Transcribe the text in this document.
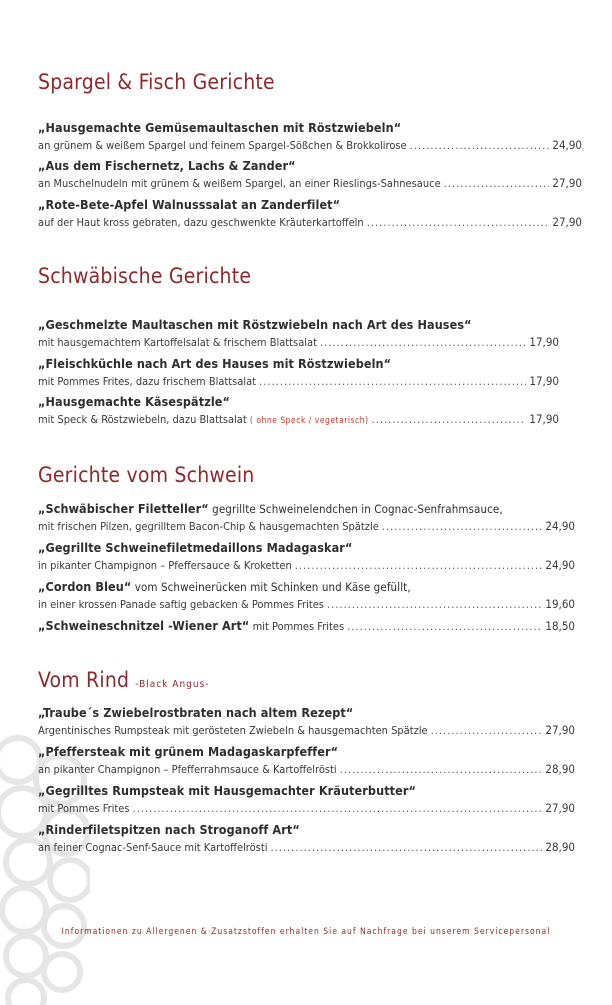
Spargel & Fisch Gerichte
„Hausgemachte Gemüsemaultaschen mit Röstzwiebeln“
an grünem & weißem Spargel und feinem Spargel-Sößchen & Brokkolirose .....	24,90
„Aus dem Fischernetz, Lachs & Zander“
an Muschelnudeln mit grünem & weißem Spargel, an einer Rieslings-Sahnesauce .....	27,90
„Rote-Bete-Apfel Walnusssalat an Zanderfilet“
auf der Haut kross gebraten, dazu geschwenkte Kräuterkartoffeln .....	27,90
Schwäbische Gerichte
„Geschmelzte Maultaschen mit Röstzwiebeln nach Art des Hauses“
mit hausgemachtem Kartoffelsalat & frischem Blattsalat .....	17,90
„Fleischküchle nach Art des Hauses mit Röstzwiebeln“
mit Pommes Frites, dazu frischem Blattsalat .....	17,90
„Hausgemachte Käsespätzle“
mit Speck & Röstzwiebeln, dazu Blattsalat ( ohne Speck / vegetarisch) .....	17,90
Gerichte vom Schwein
„Schwäbischer Filetteller“ gegrillte Schweinelendchen in Cognac-Senfrahmsauce,
mit frischen Pilzen, gegrilltem Bacon-Chip & hausgemachten Spätzle .....	24,90
„Gegrillte Schweinefiletmedaillons Madagaskar“
in pikanter Champignon – Pfeffersauce & Kroketten .....	24,90
„Cordon Bleu“ vom Schweinerücken mit Schinken und Käse gefüllt,
in einer krossen Panade saftig gebacken & Pommes Frites .....	19,60
„Schweineschnitzel -Wiener Art“ mit Pommes Frites .....	18,50
Vom Rind -Black Angus-
„Traube´s Zwiebelrostbraten nach altem Rezept“
Argentinisches Rumpsteak mit gerösteten Zwiebeln & hausgemachten Spätzle .....	27,90
„Pfeffersteak mit grünem Madagaskarpfeffer“
an pikanter Champignon – Pfefferrahmsauce & Kartoffelrösti .....	28,90
„Gegrilltes Rumpsteak mit Hausgemachter Kräuterbutter“
mit Pommes Frites .....	27,90
„Rinderfiletspitzen nach Stroganoff Art“
an feiner Cognac-Senf-Sauce mit Kartoffelrösti .....	28,90
Informationen zu Allergenen & Zusatzstoffen erhalten Sie auf Nachfrage bei unserem Servicepersonal
